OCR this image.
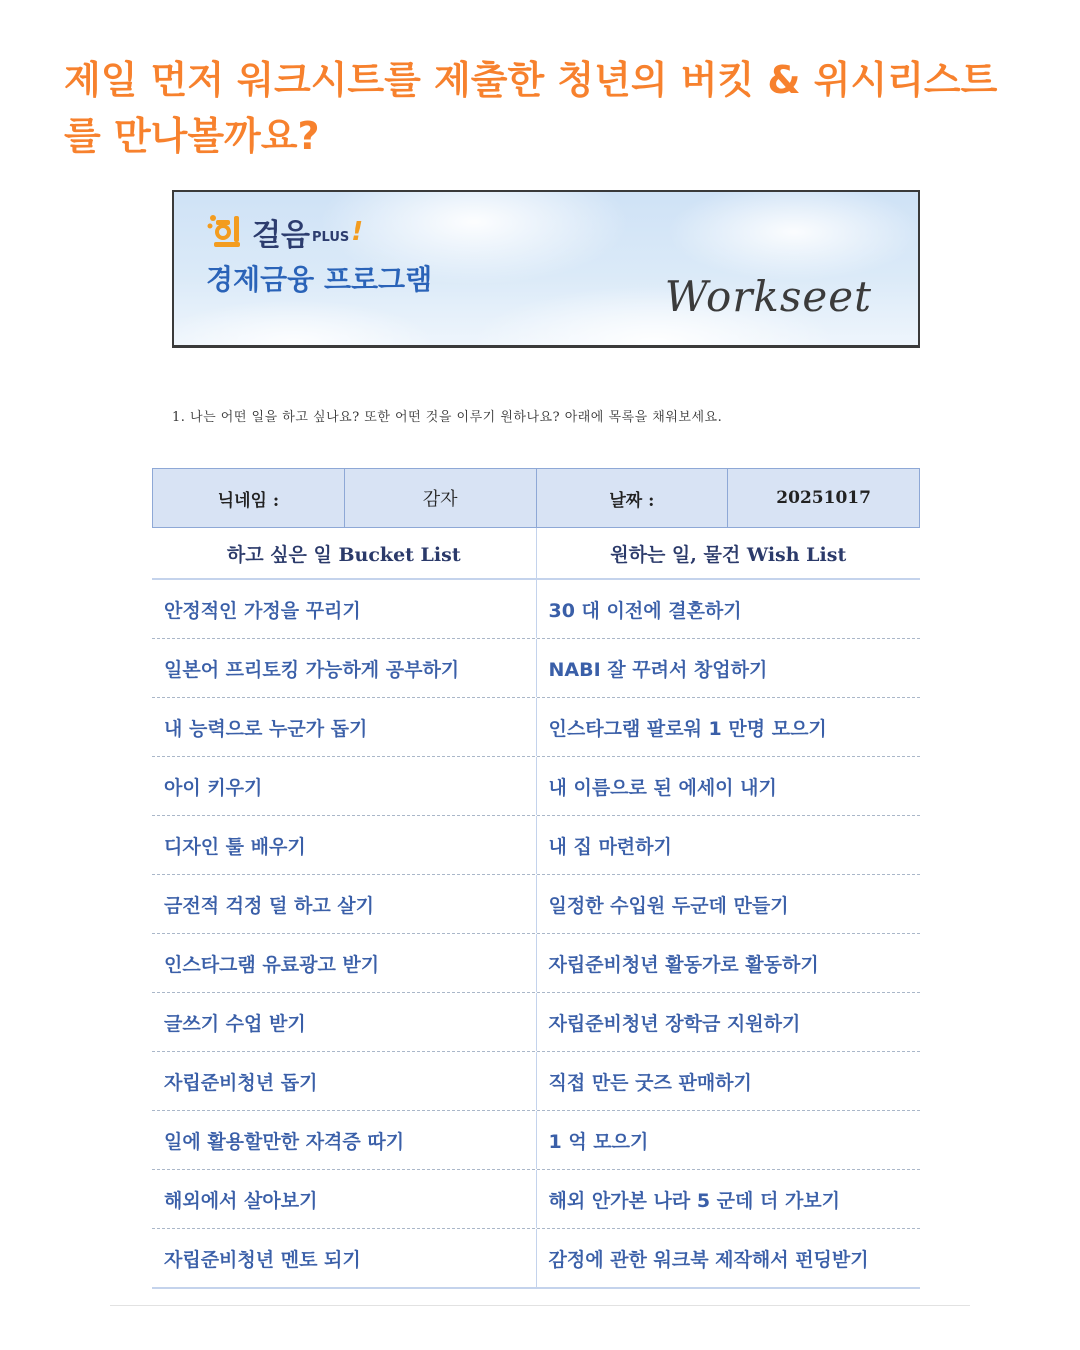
제일 먼저 워크시트를 제출한 청년의 버킷 & 위시리스트
를 만나볼까요?
걸음 PLUS !
경제금융 프로그램	Workseet
1. 나는 어떤 일을 하고 싶나요? 또한 어떤 것을 이루기 원하나요? 아래에 목록을 채워보세요.
닉네임 :	감자	날짜 :	20251017
하고 싶은 일 Bucket List	원하는 일, 물건 Wish List
안정적인 가정을 꾸리기	30 대 이전에 결혼하기
일본어 프리토킹 가능하게 공부하기	NABI 잘 꾸려서 창업하기
내 능력으로 누군가 돕기	인스타그램 팔로워 1 만명 모으기
아이 키우기	내 이름으로 된 에세이 내기
디자인 툴 배우기	내 집 마련하기
금전적 걱정 덜 하고 살기	일정한 수입원 두군데 만들기
인스타그램 유료광고 받기	자립준비청년 활동가로 활동하기
글쓰기 수업 받기	자립준비청년 장학금 지원하기
자립준비청년 돕기	직접 만든 굿즈 판매하기
일에 활용할만한 자격증 따기	1 억 모으기
해외에서 살아보기	해외 안가본 나라 5 군데 더 가보기
자립준비청년 멘토 되기	감정에 관한 워크북 제작해서 펀딩받기
